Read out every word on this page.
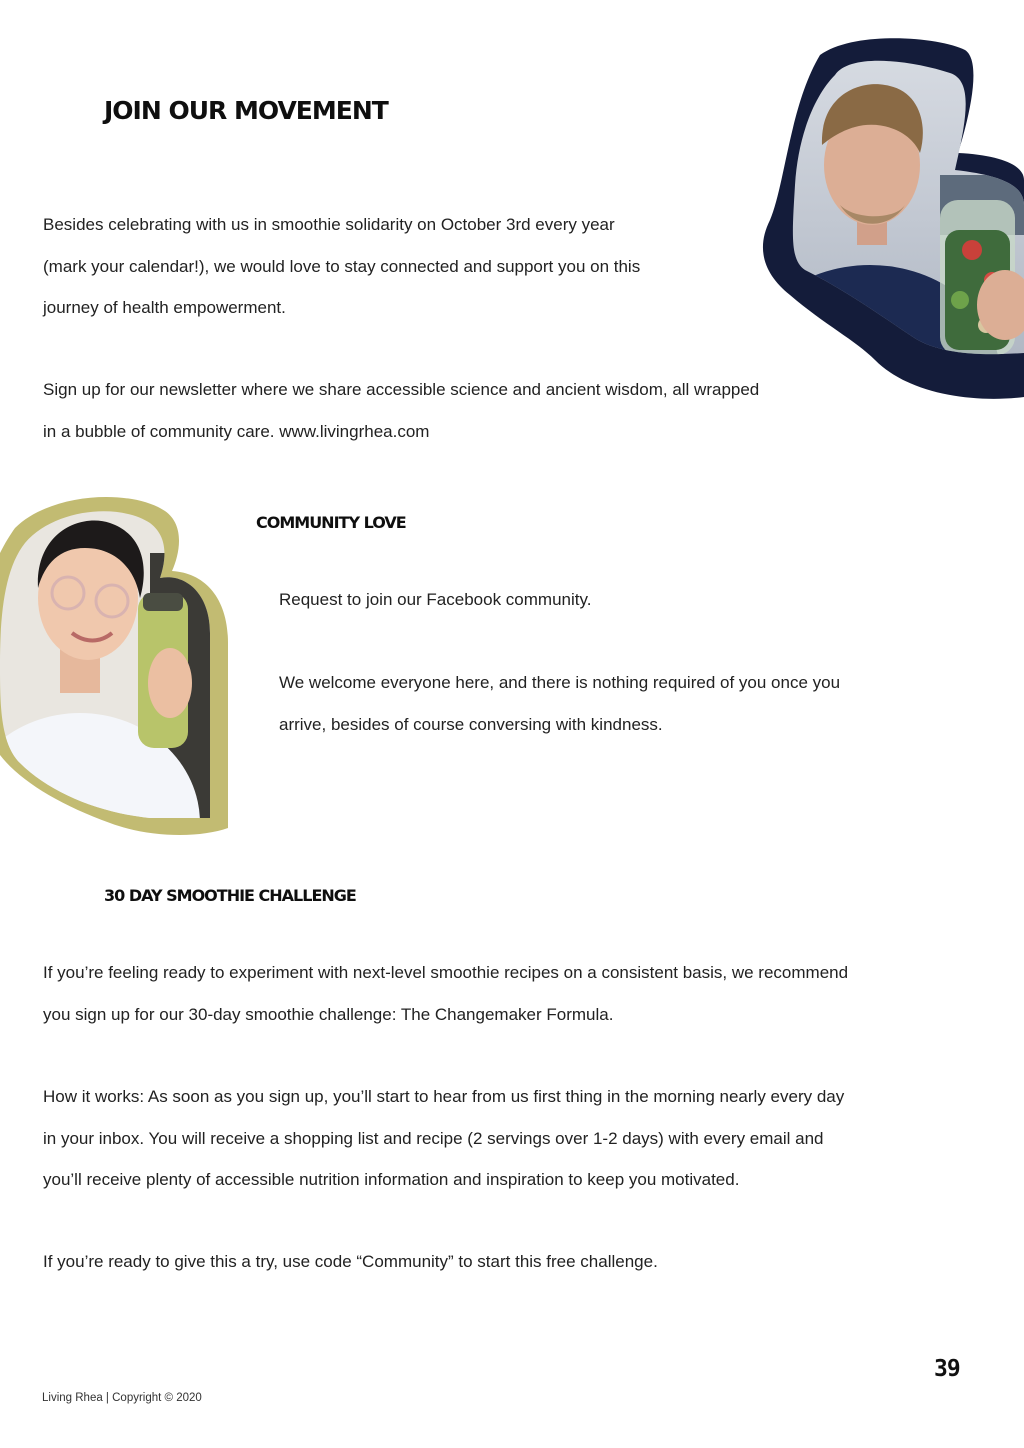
JOIN OUR MOVEMENT

Besides celebrating with us in smoothie solidarity on October 3rd every year
(mark your calendar!), we would love to stay connected and support you on this
journey of health empowerment.

Sign up for our newsletter where we share accessible science and ancient wisdom, all wrapped
in a bubble of community care. www.livingrhea.com

COMMUNITY LOVE

Request to join our Facebook community.

We welcome everyone here, and there is nothing required of you once you
arrive, besides of course conversing with kindness.

30 DAY SMOOTHIE CHALLENGE

If you’re feeling ready to experiment with next-level smoothie recipes on a consistent basis, we recommend
you sign up for our 30-day smoothie challenge: The Changemaker Formula.

How it works: As soon as you sign up, you’ll start to hear from us first thing in the morning nearly every day
in your inbox. You will receive a shopping list and recipe (2 servings over 1-2 days) with every email and
you’ll receive plenty of accessible nutrition information and inspiration to keep you motivated.

If you’re ready to give this a try, use code “Community” to start this free challenge.

39
Living Rhea | Copyright © 2020
